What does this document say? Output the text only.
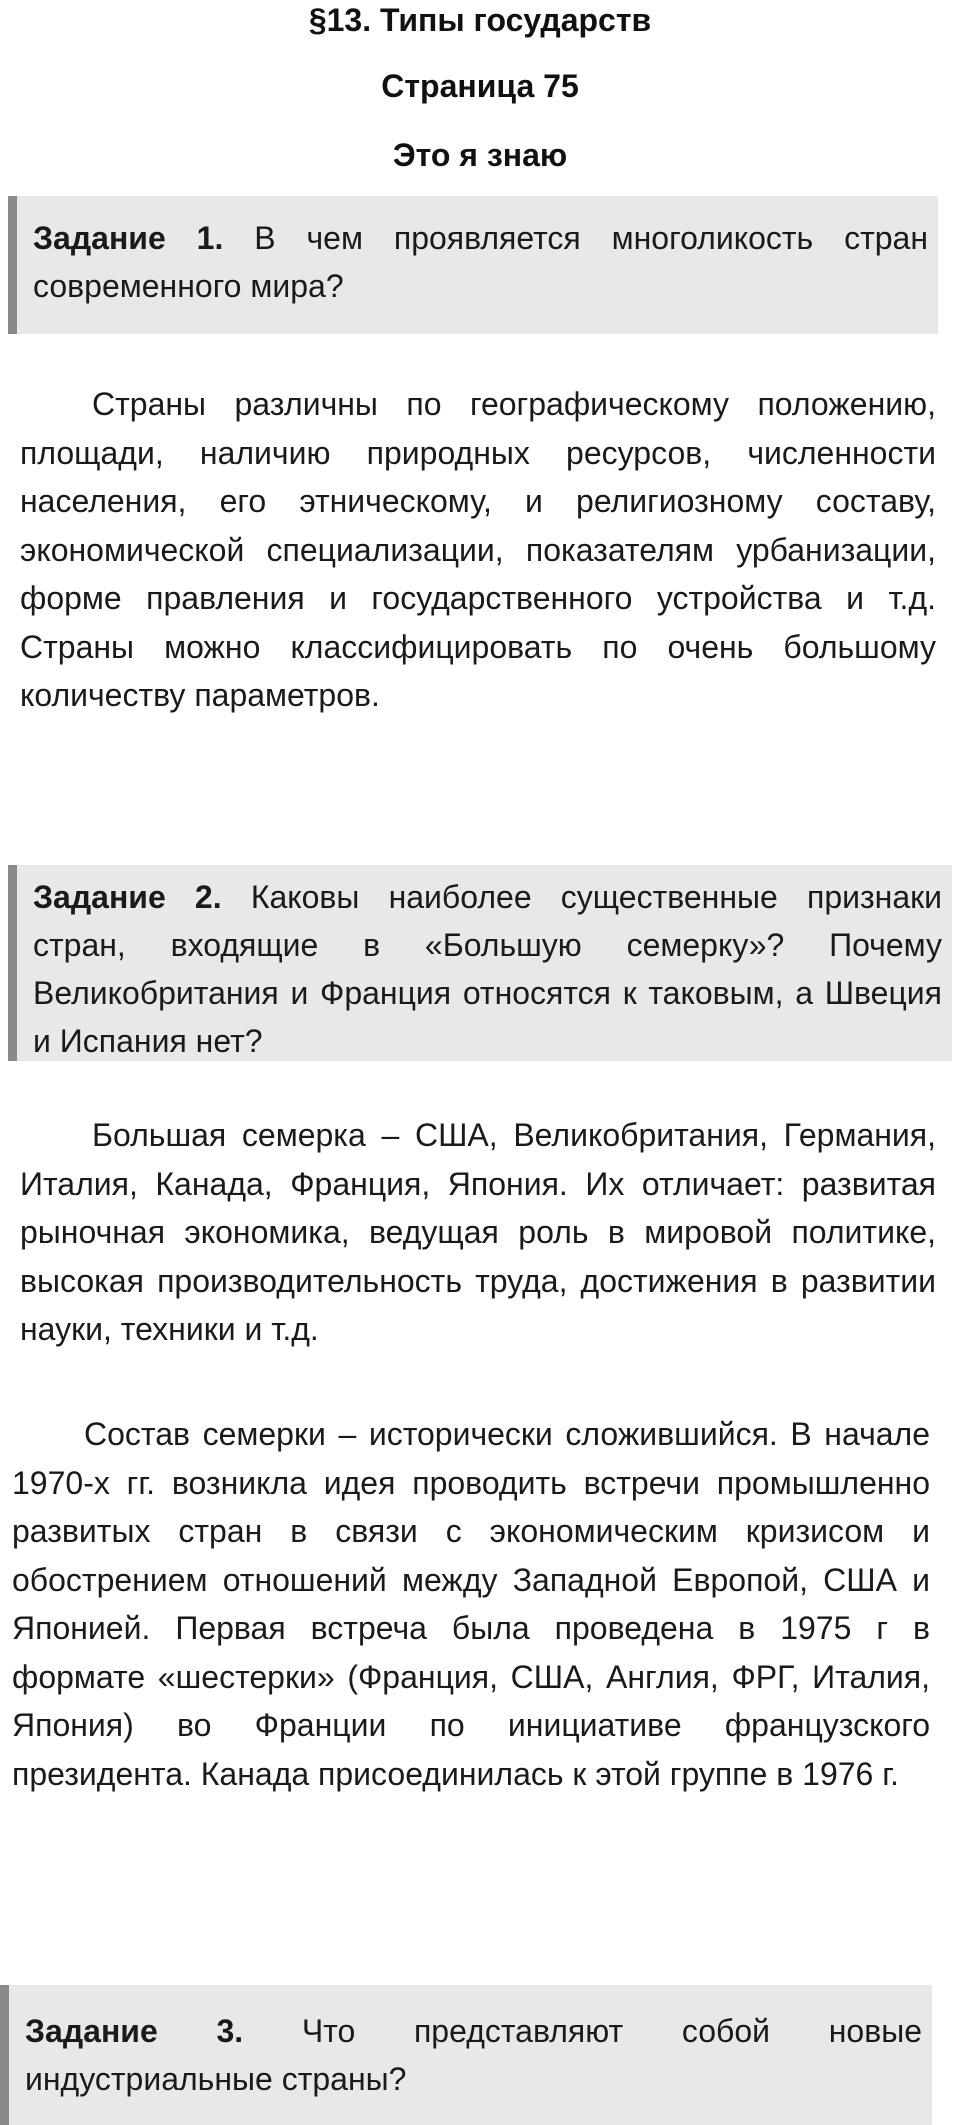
§13. Типы государств
Страница 75
Это я знаю
Задание 1. В чем проявляется многоликость стран современного мира?

Страны различны по географическому положению, площади, наличию природных ресурсов, численности населения, его этническому, и религиозному составу, экономической специализации, показателям урбанизации, форме правления и государственного устройства и т.д. Страны можно классифицировать по очень большому количеству параметров.

Задание 2. Каковы наиболее существенные признаки стран, входящие в «Большую семерку»? Почему Великобритания и Франция относятся к таковым, а Швеция и Испания нет?

Большая семерка – США, Великобритания, Германия, Италия, Канада, Франция, Япония. Их отличает: развитая рыночная экономика, ведущая роль в мировой политике, высокая производительность труда, достижения в развитии науки, техники и т.д.

Состав семерки – исторически сложившийся. В начале 1970-х гг. возникла идея проводить встречи промышленно развитых стран в связи с экономическим кризисом и обострением отношений между Западной Европой, США и Японией. Первая встреча была проведена в 1975 г в формате «шестерки» (Франция, США, Англия, ФРГ, Италия, Япония) во Франции по инициативе французского президента. Канада присоединилась к этой группе в 1976 г.

Задание 3. Что представляют собой новые индустриальные страны?
